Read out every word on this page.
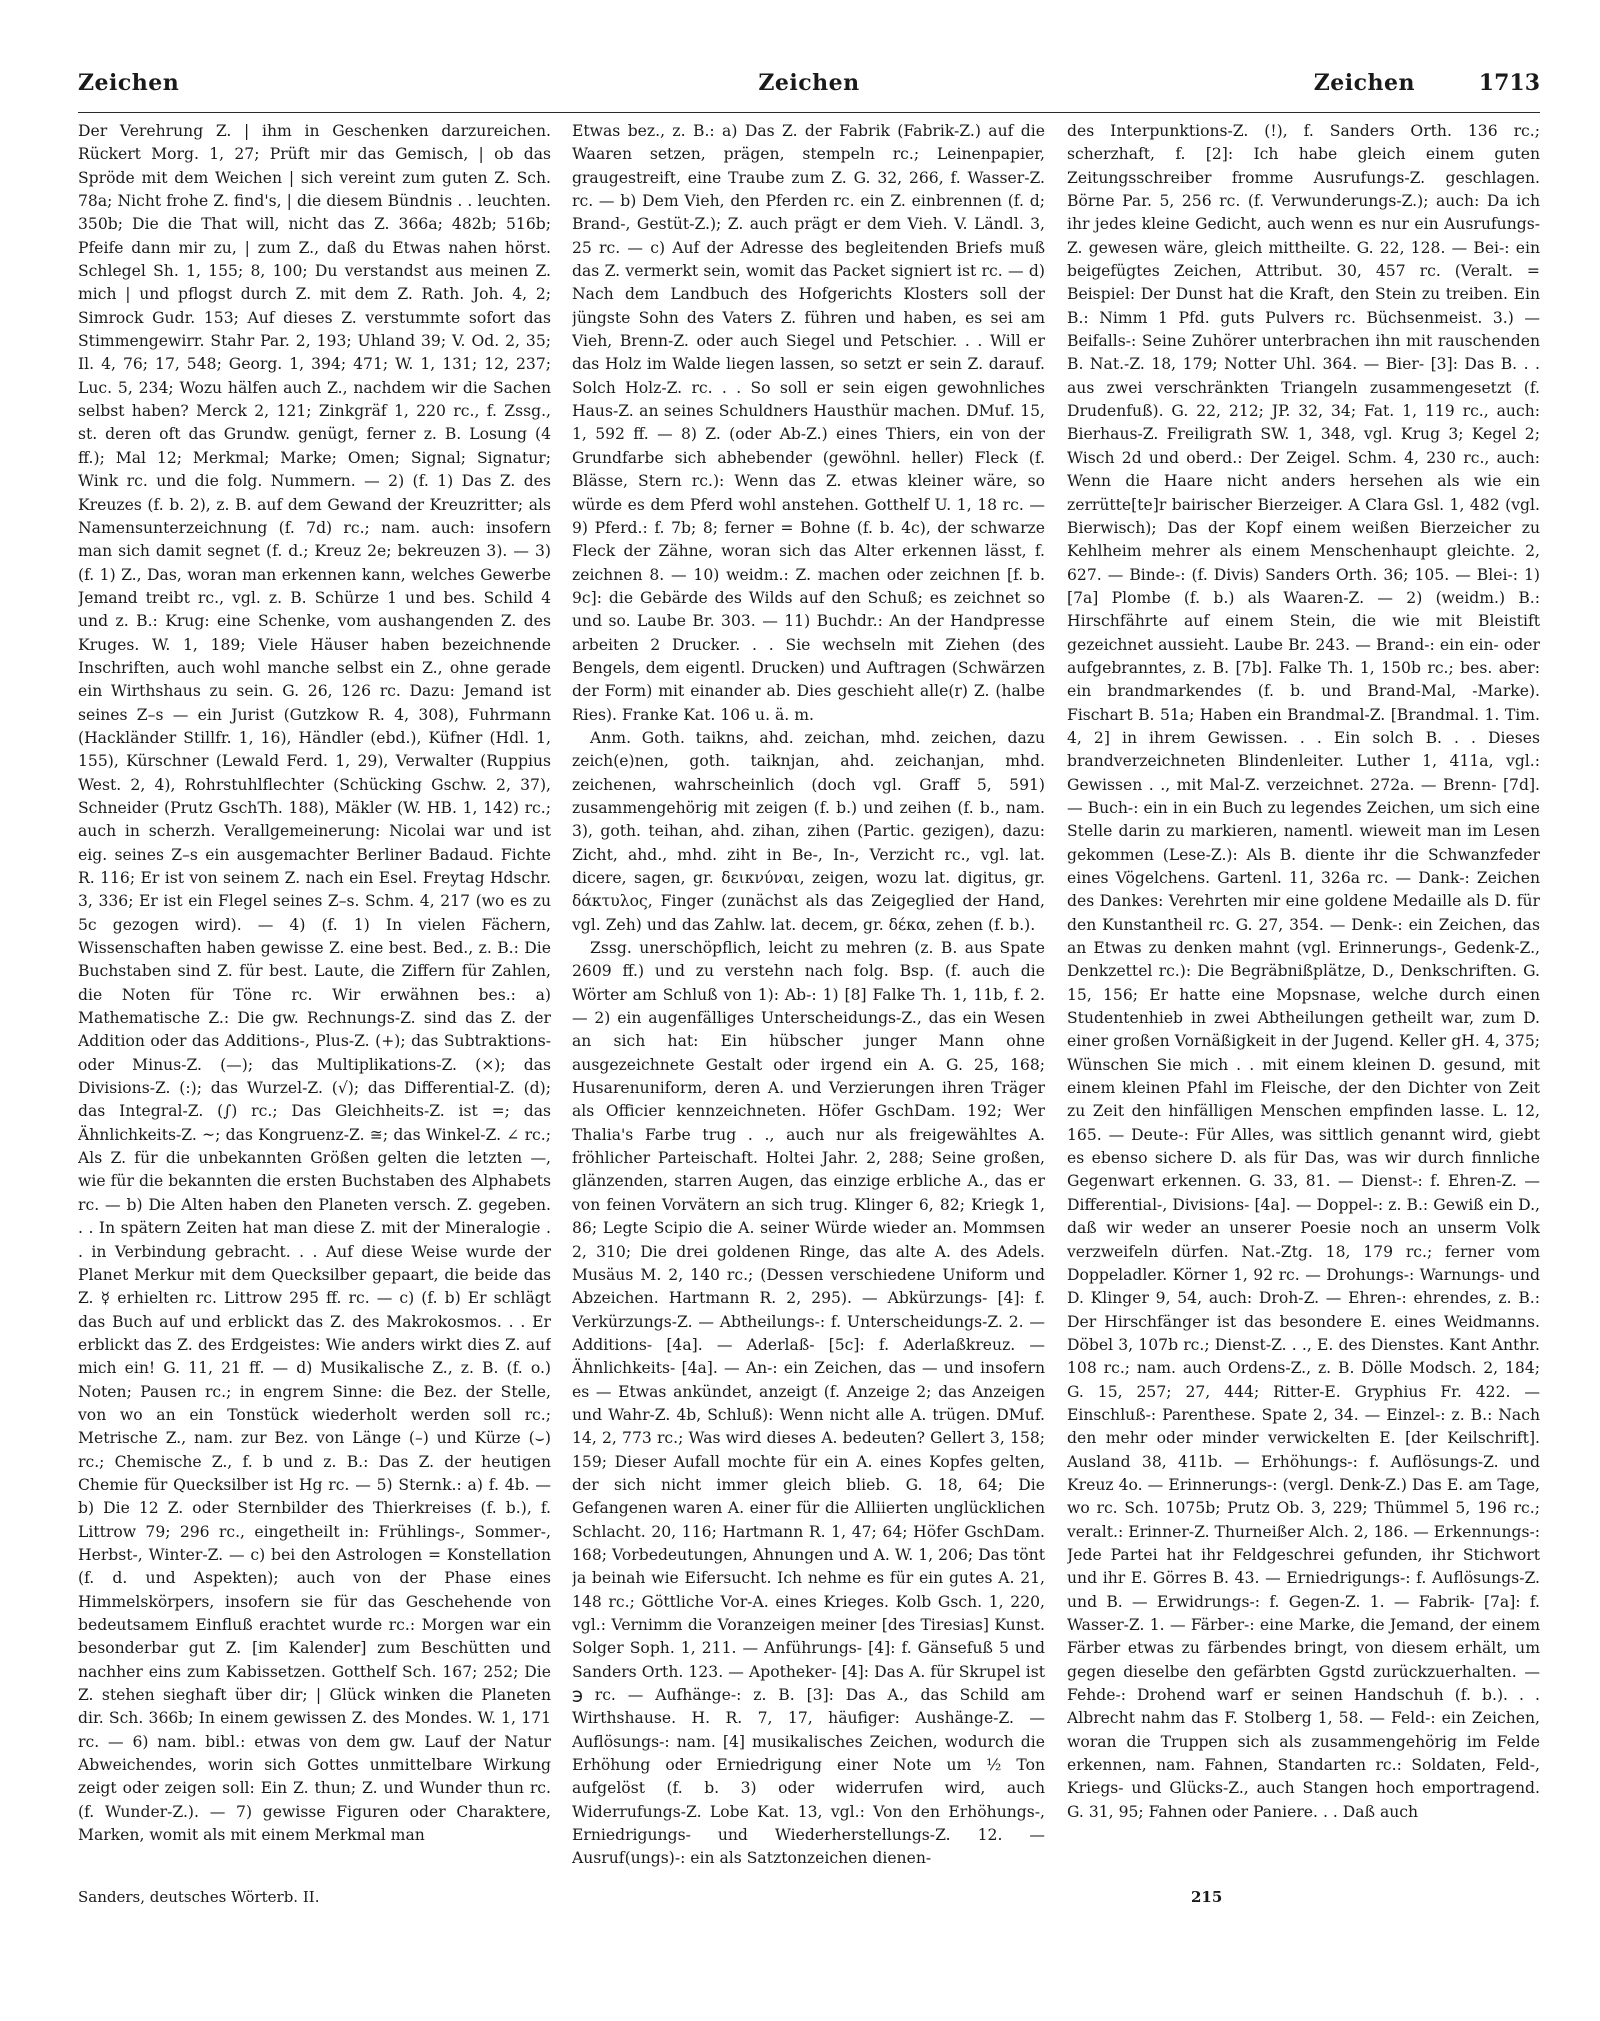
Zeichen	Zeichen	Zeichen	1713

Der Verehrung Z. | ihm in Geschenken darzureichen. Rückert Morg. 1, 27; Prüft mir das Gemisch, | ob das Spröde mit dem Weichen | sich vereint zum guten Z. Sch. 78a; Nicht frohe Z. find's, | die diesem Bündnis . . leuchten. 350b; Die die That will, nicht das Z. 366a; 482b; 516b; Pfeife dann mir zu, | zum Z., daß du Etwas nahen hörst. Schlegel Sh. 1, 155; 8, 100; Du verstandst aus meinen Z. mich | und pflogst durch Z. mit dem Z. Rath. Joh. 4, 2; Simrock Gudr. 153; Auf dieses Z. verstummte sofort das Stimmengewirr. Stahr Par. 2, 193; Uhland 39; V. Od. 2, 35; Il. 4, 76; 17, 548; Georg. 1, 394; 471; W. 1, 131; 12, 237; Luc. 5, 234; Wozu hälfen auch Z., nachdem wir die Sachen selbst haben? Merck 2, 121; Zinkgräf 1, 220 rc., f. Zssg., st. deren oft das Grundw. genügt, ferner z. B. Losung (4 ff.); Mal 12; Merkmal; Marke; Omen; Signal; Signatur; Wink rc. und die folg. Nummern. — 2) (f. 1) Das Z. des Kreuzes (f. b. 2), z. B. auf dem Gewand der Kreuzritter; als Namensunterzeichnung (f. 7d) rc.; nam. auch: insofern man sich damit segnet (f. d.; Kreuz 2e; bekreuzen 3). — 3) (f. 1) Z., Das, woran man erkennen kann, welches Gewerbe Jemand treibt rc., vgl. z. B. Schürze 1 und bes. Schild 4 und z. B.: Krug: eine Schenke, vom aushangenden Z. des Kruges. W. 1, 189; Viele Häuser haben bezeichnende Inschriften, auch wohl manche selbst ein Z., ohne gerade ein Wirthshaus zu sein. G. 26, 126 rc. Dazu: Jemand ist seines Z–s — ein Jurist (Gutzkow R. 4, 308), Fuhrmann (Hackländer Stillfr. 1, 16), Händler (ebd.), Küfner (Hdl. 1, 155), Kürschner (Lewald Ferd. 1, 29), Verwalter (Ruppius West. 2, 4), Rohrstuhlflechter (Schücking Gschw. 2, 37), Schneider (Prutz GschTh. 188), Mäkler (W. HB. 1, 142) rc.; auch in scherzh. Verallgemeinerung: Nicolai war und ist eig. seines Z–s ein ausgemachter Berliner Badaud. Fichte R. 116; Er ist von seinem Z. nach ein Esel. Freytag Hdschr. 3, 336; Er ist ein Flegel seines Z–s. Schm. 4, 217 (wo es zu 5c gezogen wird). — 4) (f. 1) In vielen Fächern, Wissenschaften haben gewisse Z. eine best. Bed., z. B.: Die Buchstaben sind Z. für best. Laute, die Ziffern für Zahlen, die Noten für Töne rc. Wir erwähnen bes.: a) Mathematische Z.: Die gw. Rechnungs-Z. sind das Z. der Addition oder das Additions-, Plus-Z. (+); das Subtraktions- oder Minus-Z. (—); das Multiplikations-Z. (×); das Divisions-Z. (:); das Wurzel-Z. (√); das Differential-Z. (d); das Integral-Z. (∫) rc.; Das Gleichheits-Z. ist =; das Ähnlichkeits-Z. ~; das Kongruenz-Z. ≅; das Winkel-Z. ∠ rc.; Als Z. für die unbekannten Größen gelten die letzten —, wie für die bekannten die ersten Buchstaben des Alphabets rc. — b) Die Alten haben den Planeten versch. Z. gegeben. . . In spätern Zeiten hat man diese Z. mit der Mineralogie . . in Verbindung gebracht. . . Auf diese Weise wurde der Planet Merkur mit dem Quecksilber gepaart, die beide das Z. ☿ erhielten rc. Littrow 295 ff. rc. — c) (f. b) Er schlägt das Buch auf und erblickt das Z. des Makrokosmos. . . Er erblickt das Z. des Erdgeistes: Wie anders wirkt dies Z. auf mich ein! G. 11, 21 ff. — d) Musikalische Z., z. B. (f. o.) Noten; Pausen rc.; in engrem Sinne: die Bez. der Stelle, von wo an ein Tonstück wiederholt werden soll rc.; Metrische Z., nam. zur Bez. von Länge (–) und Kürze (⌣) rc.; Chemische Z., f. b und z. B.: Das Z. der heutigen Chemie für Quecksilber ist Hg rc. — 5) Sternk.: a) f. 4b. — b) Die 12 Z. oder Sternbilder des Thierkreises (f. b.), f. Littrow 79; 296 rc., eingetheilt in: Frühlings-, Sommer-, Herbst-, Winter-Z. — c) bei den Astrologen = Konstellation (f. d. und Aspekten); auch von der Phase eines Himmelskörpers, insofern sie für das Geschehende von bedeutsamem Einfluß erachtet wurde rc.: Morgen war ein besonderbar gut Z. [im Kalender] zum Beschütten und nachher eins zum Kabissetzen. Gotthelf Sch. 167; 252; Die Z. stehen sieghaft über dir; | Glück winken die Planeten dir. Sch. 366b; In einem gewissen Z. des Mondes. W. 1, 171 rc. — 6) nam. bibl.: etwas von dem gw. Lauf der Natur Abweichendes, worin sich Gottes unmittelbare Wirkung zeigt oder zeigen soll: Ein Z. thun; Z. und Wunder thun rc. (f. Wunder-Z.). — 7) gewisse Figuren oder Charaktere, Marken, womit als mit einem Merkmal man

Etwas bez., z. B.: a) Das Z. der Fabrik (Fabrik-Z.) auf die Waaren setzen, prägen, stempeln rc.; Leinenpapier, graugestreift, eine Traube zum Z. G. 32, 266, f. Wasser-Z. rc. — b) Dem Vieh, den Pferden rc. ein Z. einbrennen (f. d; Brand-, Gestüt-Z.); Z. auch prägt er dem Vieh. V. Ländl. 3, 25 rc. — c) Auf der Adresse des begleitenden Briefs muß das Z. vermerkt sein, womit das Packet signiert ist rc. — d) Nach dem Landbuch des Hofgerichts Klosters soll der jüngste Sohn des Vaters Z. führen und haben, es sei am Vieh, Brenn-Z. oder auch Siegel und Petschier. . . Will er das Holz im Walde liegen lassen, so setzt er sein Z. darauf. Solch Holz-Z. rc. . . So soll er sein eigen gewohnliches Haus-Z. an seines Schuldners Hausthür machen. DMuf. 15, 1, 592 ff. — 8) Z. (oder Ab-Z.) eines Thiers, ein von der Grundfarbe sich abhebender (gewöhnl. heller) Fleck (f. Blässe, Stern rc.): Wenn das Z. etwas kleiner wäre, so würde es dem Pferd wohl anstehen. Gotthelf U. 1, 18 rc. — 9) Pferd.: f. 7b; 8; ferner = Bohne (f. b. 4c), der schwarze Fleck der Zähne, woran sich das Alter erkennen lässt, f. zeichnen 8. — 10) weidm.: Z. machen oder zeichnen [f. b. 9c]: die Gebärde des Wilds auf den Schuß; es zeichnet so und so. Laube Br. 303. — 11) Buchdr.: An der Handpresse arbeiten 2 Drucker. . . Sie wechseln mit Ziehen (des Bengels, dem eigentl. Drucken) und Auftragen (Schwärzen der Form) mit einander ab. Dies geschieht alle(r) Z. (halbe Ries). Franke Kat. 106 u. ä. m.

Anm. Goth. taikns, ahd. zeichan, mhd. zeichen, dazu zeich(e)nen, goth. taiknjan, ahd. zeichanjan, mhd. zeichenen, wahrscheinlich (doch vgl. Graff 5, 591) zusammengehörig mit zeigen (f. b.) und zeihen (f. b., nam. 3), goth. teihan, ahd. zihan, zihen (Partic. gezigen), dazu: Zicht, ahd., mhd. ziht in Be-, In-, Verzicht rc., vgl. lat. dicere, sagen, gr. δεικνύναι, zeigen, wozu lat. digitus, gr. δάκτυλος, Finger (zunächst als das Zeigeglied der Hand, vgl. Zeh) und das Zahlw. lat. decem, gr. δέκα, zehen (f. b.).

Zssg. unerschöpflich, leicht zu mehren (z. B. aus Spate 2609 ff.) und zu verstehn nach folg. Bsp. (f. auch die Wörter am Schluß von 1): Ab-: 1) [8] Falke Th. 1, 11b, f. 2. — 2) ein augenfälliges Unterscheidungs-Z., das ein Wesen an sich hat: Ein hübscher junger Mann ohne ausgezeichnete Gestalt oder irgend ein A. G. 25, 168; Husarenuniform, deren A. und Verzierungen ihren Träger als Officier kennzeichneten. Höfer GschDam. 192; Wer Thalia's Farbe trug . ., auch nur als freigewähltes A. fröhlicher Parteischaft. Holtei Jahr. 2, 288; Seine großen, glänzenden, starren Augen, das einzige erbliche A., das er von feinen Vorvätern an sich trug. Klinger 6, 82; Kriegk 1, 86; Legte Scipio die A. seiner Würde wieder an. Mommsen 2, 310; Die drei goldenen Ringe, das alte A. des Adels. Musäus M. 2, 140 rc.; (Dessen verschiedene Uniform und Abzeichen. Hartmann R. 2, 295). — Abkürzungs- [4]: f. Verkürzungs-Z. — Abtheilungs-: f. Unterscheidungs-Z. 2. — Additions- [4a]. — Aderlaß- [5c]: f. Aderlaßkreuz. — Ähnlichkeits- [4a]. — An-: ein Zeichen, das — und insofern es — Etwas ankündet, anzeigt (f. Anzeige 2; das Anzeigen und Wahr-Z. 4b, Schluß): Wenn nicht alle A. trügen. DMuf. 14, 2, 773 rc.; Was wird dieses A. bedeuten? Gellert 3, 158; 159; Dieser Aufall mochte für ein A. eines Kopfes gelten, der sich nicht immer gleich blieb. G. 18, 64; Die Gefangenen waren A. einer für die Alliierten unglücklichen Schlacht. 20, 116; Hartmann R. 1, 47; 64; Höfer GschDam. 168; Vorbedeutungen, Ahnungen und A. W. 1, 206; Das tönt ja beinah wie Eifersucht. Ich nehme es für ein gutes A. 21, 148 rc.; Göttliche Vor-A. eines Krieges. Kolb Gsch. 1, 220, vgl.: Vernimm die Voranzeigen meiner [des Tiresias] Kunst. Solger Soph. 1, 211. — Anführungs- [4]: f. Gänsefuß 5 und Sanders Orth. 123. — Apotheker- [4]: Das A. für Skrupel ist ℈ rc. — Aufhänge-: z. B. [3]: Das A., das Schild am Wirthshause. H. R. 7, 17, häufiger: Aushänge-Z. — Auflösungs-: nam. [4] musikalisches Zeichen, wodurch die Erhöhung oder Erniedrigung einer Note um ½ Ton aufgelöst (f. b. 3) oder widerrufen wird, auch Widerrufungs-Z. Lobe Kat. 13, vgl.: Von den Erhöhungs-, Erniedrigungs- und Wiederherstellungs-Z. 12. — Ausruf(ungs)-: ein als Satztonzeichen dienen-

des Interpunktions-Z. (!), f. Sanders Orth. 136 rc.; scherzhaft, f. [2]: Ich habe gleich einem guten Zeitungsschreiber fromme Ausrufungs-Z. geschlagen. Börne Par. 5, 256 rc. (f. Verwunderungs-Z.); auch: Da ich ihr jedes kleine Gedicht, auch wenn es nur ein Ausrufungs-Z. gewesen wäre, gleich mittheilte. G. 22, 128. — Bei-: ein beigefügtes Zeichen, Attribut. 30, 457 rc. (Veralt. = Beispiel: Der Dunst hat die Kraft, den Stein zu treiben. Ein B.: Nimm 1 Pfd. guts Pulvers rc. Büchsenmeist. 3.) — Beifalls-: Seine Zuhörer unterbrachen ihn mit rauschenden B. Nat.-Z. 18, 179; Notter Uhl. 364. — Bier- [3]: Das B. . . aus zwei verschränkten Triangeln zusammengesetzt (f. Drudenfuß). G. 22, 212; JP. 32, 34; Fat. 1, 119 rc., auch: Bierhaus-Z. Freiligrath SW. 1, 348, vgl. Krug 3; Kegel 2; Wisch 2d und oberd.: Der Zeigel. Schm. 4, 230 rc., auch: Wenn die Haare nicht anders hersehen als wie ein zerrütte[te]r bairischer Bierzeiger. A Clara Gsl. 1, 482 (vgl. Bierwisch); Das der Kopf einem weißen Bierzeicher zu Kehlheim mehrer als einem Menschenhaupt gleichte. 2, 627. — Binde-: (f. Divis) Sanders Orth. 36; 105. — Blei-: 1) [7a] Plombe (f. b.) als Waaren-Z. — 2) (weidm.) B.: Hirschfährte auf einem Stein, die wie mit Bleistift gezeichnet aussieht. Laube Br. 243. — Brand-: ein ein- oder aufgebranntes, z. B. [7b]. Falke Th. 1, 150b rc.; bes. aber: ein brandmarkendes (f. b. und Brand-Mal, -Marke). Fischart B. 51a; Haben ein Brandmal-Z. [Brandmal. 1. Tim. 4, 2] in ihrem Gewissen. . . Ein solch B. . . Dieses brandverzeichneten Blindenleiter. Luther 1, 411a, vgl.: Gewissen . ., mit Mal-Z. verzeichnet. 272a. — Brenn- [7d]. — Buch-: ein in ein Buch zu legendes Zeichen, um sich eine Stelle darin zu markieren, namentl. wieweit man im Lesen gekommen (Lese-Z.): Als B. diente ihr die Schwanzfeder eines Vögelchens. Gartenl. 11, 326a rc. — Dank-: Zeichen des Dankes: Verehrten mir eine goldene Medaille als D. für den Kunstantheil rc. G. 27, 354. — Denk-: ein Zeichen, das an Etwas zu denken mahnt (vgl. Erinnerungs-, Gedenk-Z., Denkzettel rc.): Die Begräbnißplätze, D., Denkschriften. G. 15, 156; Er hatte eine Mopsnase, welche durch einen Studentenhieb in zwei Abtheilungen getheilt war, zum D. einer großen Vornäßigkeit in der Jugend. Keller gH. 4, 375; Wünschen Sie mich . . mit einem kleinen D. gesund, mit einem kleinen Pfahl im Fleische, der den Dichter von Zeit zu Zeit den hinfälligen Menschen empfinden lasse. L. 12, 165. — Deute-: Für Alles, was sittlich genannt wird, giebt es ebenso sichere D. als für Das, was wir durch finnliche Gegenwart erkennen. G. 33, 81. — Dienst-: f. Ehren-Z. — Differential-, Divisions- [4a]. — Doppel-: z. B.: Gewiß ein D., daß wir weder an unserer Poesie noch an unserm Volk verzweifeln dürfen. Nat.-Ztg. 18, 179 rc.; ferner vom Doppeladler. Körner 1, 92 rc. — Drohungs-: Warnungs- und D. Klinger 9, 54, auch: Droh-Z. — Ehren-: ehrendes, z. B.: Der Hirschfänger ist das besondere E. eines Weidmanns. Döbel 3, 107b rc.; Dienst-Z. . ., E. des Dienstes. Kant Anthr. 108 rc.; nam. auch Ordens-Z., z. B. Dölle Modsch. 2, 184; G. 15, 257; 27, 444; Ritter-E. Gryphius Fr. 422. — Einschluß-: Parenthese. Spate 2, 34. — Einzel-: z. B.: Nach den mehr oder minder verwickelten E. [der Keilschrift]. Ausland 38, 411b. — Erhöhungs-: f. Auflösungs-Z. und Kreuz 4o. — Erinnerungs-: (vergl. Denk-Z.) Das E. am Tage, wo rc. Sch. 1075b; Prutz Ob. 3, 229; Thümmel 5, 196 rc.; veralt.: Erinner-Z. Thurneißer Alch. 2, 186. — Erkennungs-: Jede Partei hat ihr Feldgeschrei gefunden, ihr Stichwort und ihr E. Görres B. 43. — Erniedrigungs-: f. Auflösungs-Z. und B. — Erwidrungs-: f. Gegen-Z. 1. — Fabrik- [7a]: f. Wasser-Z. 1. — Färber-: eine Marke, die Jemand, der einem Färber etwas zu färbendes bringt, von diesem erhält, um gegen dieselbe den gefärbten Ggstd zurückzuerhalten. — Fehde-: Drohend warf er seinen Handschuh (f. b.). . . Albrecht nahm das F. Stolberg 1, 58. — Feld-: ein Zeichen, woran die Truppen sich als zusammengehörig im Felde erkennen, nam. Fahnen, Standarten rc.: Soldaten, Feld-, Kriegs- und Glücks-Z., auch Stangen hoch emportragend. G. 31, 95; Fahnen oder Paniere. . . Daß auch

Sanders, deutsches Wörterb. II.	215
